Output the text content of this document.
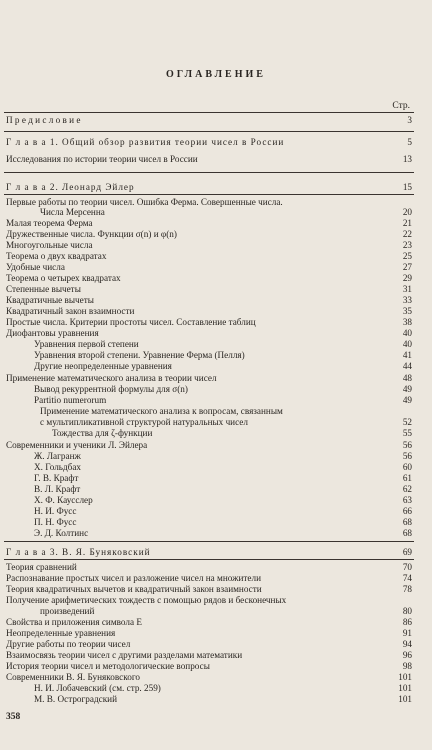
ОГЛАВЛЕНИЕ
Стр.
П р е д и с л о в и е	3
Г л а в а 1. Общий обзор развития теории чисел в России	5
Исследования по истории теории чисел в России	13
Г л а в а 2. Леонард Эйлер	15
Первые работы по теории чисел. Ошибка Ферма. Совершенные числа.
Числа Мерсенна	20
Малая теорема Ферма	21
Дружественные числа. Функции σ(n) и φ(n)	22
Многоугольные числа	23
Теорема о двух квадратах	25
Удобные числа	27
Теорема о четырех квадратах	29
Степенные вычеты	31
Квадратичные вычеты	33
Квадратичный закон взаимности	35
Простые числа. Критерии простоты чисел. Составление таблиц	38
Диофантовы уравнения	40
Уравнения первой степени	40
Уравнения второй степени. Уравнение Ферма (Пелля)	41
Другие неопределенные уравнения	44
Применение математического анализа в теории чисел	48
Вывод рекуррентной формулы для σ(n)	49
Partitio numerorum	49
Применение математического анализа к вопросам, связанным
с мультипликативной структурой натуральных чисел	52
Тождества для ζ-функции	55
Современники и ученики Л. Эйлера	56
Ж. Лагранж	56
Х. Гольдбах	60
Г. В. Крафт	61
В. Л. Крафт	62
Х. Ф. Каусслер	63
Н. И. Фусс	66
П. Н. Фусс	68
Э. Д. Колтинс	68
Г л а в а 3. В. Я. Буняковский	69
Теория сравнений	70
Распознавание простых чисел и разложение чисел на множители	74
Теория квадратичных вычетов и квадратичный закон взаимности	78
Получение арифметических тождеств с помощью рядов и бесконечных
произведений	80
Свойства и приложения символа E	86
Неопределенные уравнения	91
Другие работы по теории чисел	94
Взаимосвязь теории чисел с другими разделами математики	96
История теории чисел и методологические вопросы	98
Современники В. Я. Буняковского	101
Н. И. Лобачевский (см. стр. 259)	101
М. В. Остроградский	101
358
